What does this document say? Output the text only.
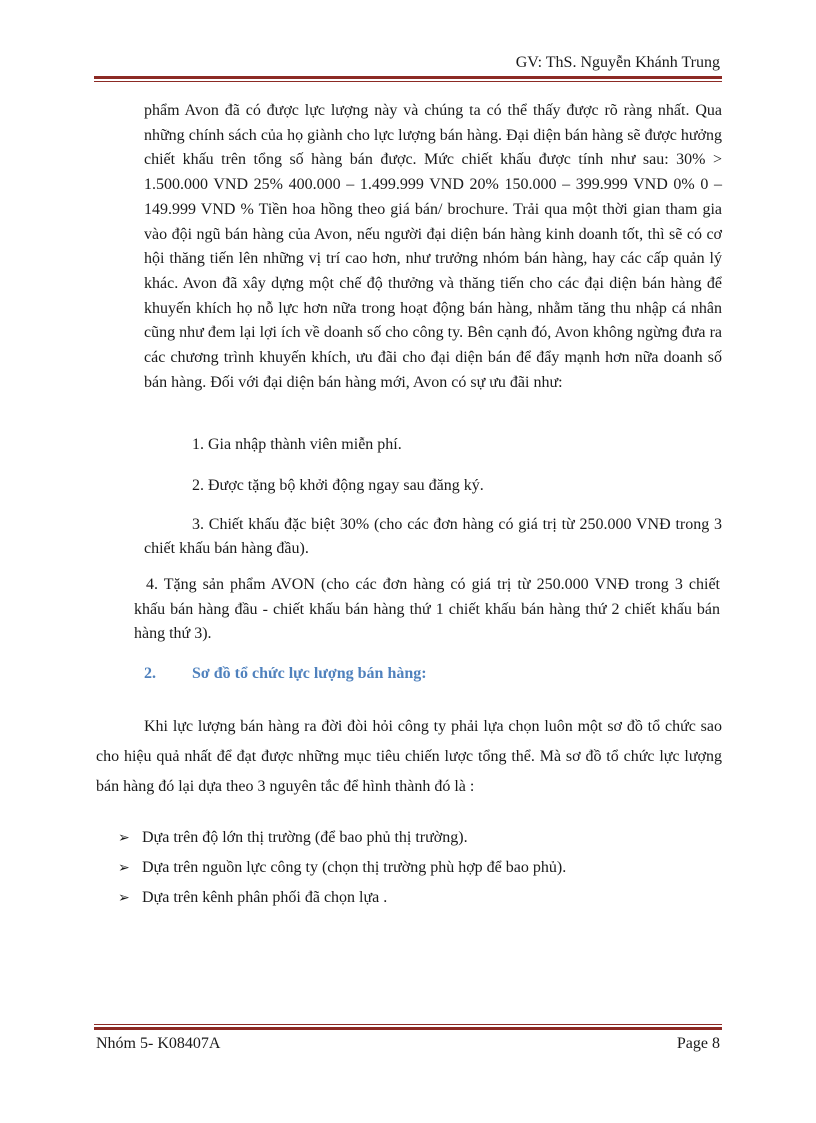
GV: ThS. Nguyễn Khánh Trung

phẩm Avon đã có được lực lượng này và chúng ta có thể thấy được rõ ràng nhất. Qua những chính sách của họ giành cho lực lượng bán hàng. Đại diện bán hàng sẽ được hưởng chiết khấu trên tổng số hàng bán được. Mức chiết khấu được tính như sau: 30% > 1.500.000 VND 25% 400.000 – 1.499.999 VND 20% 150.000 – 399.999 VND 0% 0 – 149.999 VND % Tiền hoa hồng theo giá bán/ brochure. Trải qua một thời gian tham gia vào đội ngũ bán hàng của Avon, nếu người đại diện bán hàng kinh doanh tốt, thì sẽ có cơ hội thăng tiến lên những vị trí cao hơn, như trưởng nhóm bán hàng, hay các cấp quản lý khác. Avon đã xây dựng một chế độ thưởng và thăng tiến cho các đại diện bán hàng để khuyến khích họ nỗ lực hơn nữa trong hoạt động bán hàng, nhằm tăng thu nhập cá nhân cũng như đem lại lợi ích về doanh số cho công ty. Bên cạnh đó, Avon không ngừng đưa ra các chương trình khuyến khích, ưu đãi cho đại diện bán để đẩy mạnh hơn nữa doanh số bán hàng. Đối với đại diện bán hàng mới, Avon có sự ưu đãi như:

1. Gia nhập thành viên miễn phí.

2. Được tặng bộ khởi động ngay sau đăng ký.

3. Chiết khấu đặc biệt 30% (cho các đơn hàng có giá trị từ 250.000 VNĐ trong 3 chiết khấu bán hàng đầu).

4. Tặng sản phẩm AVON (cho các đơn hàng có giá trị từ 250.000 VNĐ trong 3 chiết khấu bán hàng đầu - chiết khấu bán hàng thứ 1 chiết khấu bán hàng thứ 2 chiết khấu bán hàng thứ 3).

2. Sơ đồ tổ chức lực lượng bán hàng:

Khi lực lượng bán hàng ra đời đòi hỏi công ty phải lựa chọn luôn một sơ đồ tổ chức sao cho hiệu quả nhất để đạt được những mục tiêu chiến lược tổng thể. Mà sơ đồ tổ chức lực lượng bán hàng đó lại dựa theo 3 nguyên tắc để hình thành đó là :

➢ Dựa trên độ lớn thị trường (để bao phủ thị trường).
➢ Dựa trên nguồn lực công ty (chọn thị trường phù hợp để bao phủ).
➢ Dựa trên kênh phân phối đã chọn lựa .
Nhóm 5- K08407A	Page 8
